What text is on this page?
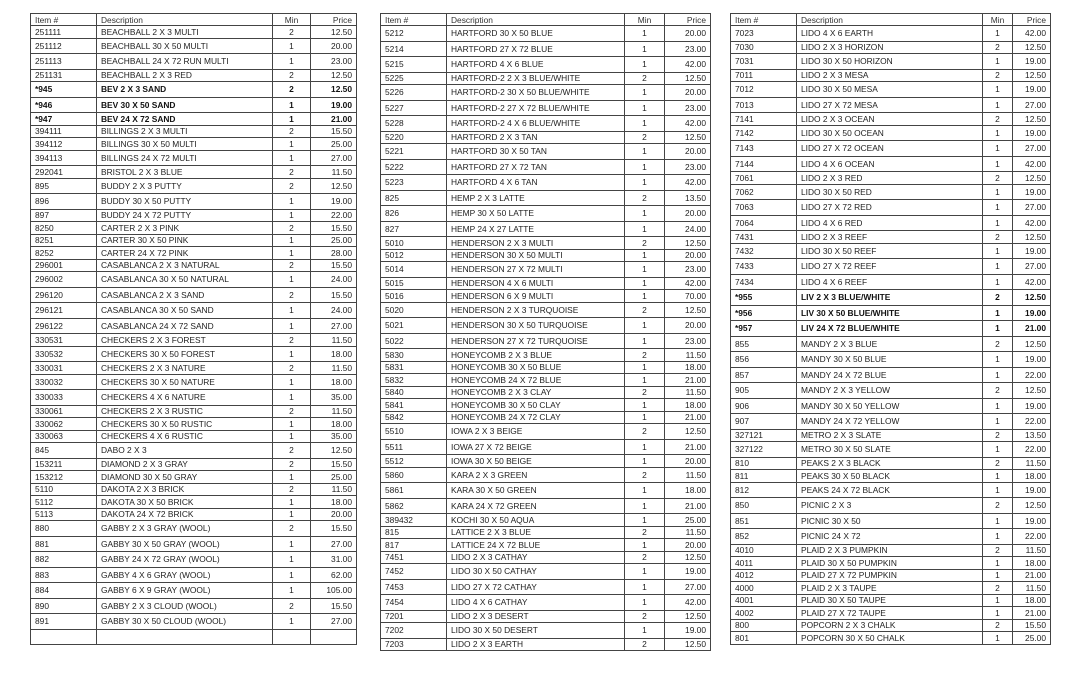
Item #	Description	Min	Price
251111	BEACHBALL 2 X 3 MULTI	2	12.50
251112	BEACHBALL 30 X 50 MULTI	1	20.00
251113	BEACHBALL 24 X 72 RUN MULTI	1	23.00
251131	BEACHBALL 2 X 3 RED	2	12.50
*945	BEV 2 X 3 SAND	2	12.50
*946	BEV 30 X 50 SAND	1	19.00
*947	BEV 24 X 72 SAND	1	21.00
394111	BILLINGS 2 X 3 MULTI	2	15.50
394112	BILLINGS 30 X 50 MULTI	1	25.00
394113	BILLINGS 24 X 72 MULTI	1	27.00
292041	BRISTOL 2 X 3 BLUE	2	11.50
895	BUDDY 2 X 3 PUTTY	2	12.50
896	BUDDY 30 X 50 PUTTY	1	19.00
897	BUDDY 24 X 72 PUTTY	1	22.00
8250	CARTER 2 X 3 PINK	2	15.50
8251	CARTER 30 X 50 PINK	1	25.00
8252	CARTER 24 X 72 PINK	1	28.00
296001	CASABLANCA 2 X 3 NATURAL	2	15.50
296002	CASABLANCA 30 X 50 NATURAL	1	24.00
296120	CASABLANCA 2 X 3 SAND	2	15.50
296121	CASABLANCA 30 X 50 SAND	1	24.00
296122	CASABLANCA 24 X 72 SAND	1	27.00
330531	CHECKERS 2 X 3 FOREST	2	11.50
330532	CHECKERS 30 X 50 FOREST	1	18.00
330031	CHECKERS 2 X 3 NATURE	2	11.50
330032	CHECKERS 30 X 50 NATURE	1	18.00
330033	CHECKERS 4 X 6 NATURE	1	35.00
330061	CHECKERS 2 X 3 RUSTIC	2	11.50
330062	CHECKERS 30 X 50 RUSTIC	1	18.00
330063	CHECKERS 4 X 6 RUSTIC	1	35.00
845	DABO 2 X 3	2	12.50
153211	DIAMOND 2 X 3 GRAY	2	15.50
153212	DIAMOND 30 X 50 GRAY	1	25.00
5110	DAKOTA 2 X 3 BRICK	2	11.50
5112	DAKOTA 30 X 50 BRICK	1	18.00
5113	DAKOTA 24 X 72 BRICK	1	20.00
880	GABBY 2 X 3 GRAY (WOOL)	2	15.50
881	GABBY 30 X 50 GRAY (WOOL)	1	27.00
882	GABBY 24 X 72 GRAY (WOOL)	1	31.00
883	GABBY 4 X 6 GRAY (WOOL)	1	62.00
884	GABBY 6 X 9 GRAY (WOOL)	1	105.00
890	GABBY 2 X 3 CLOUD (WOOL)	2	15.50
891	GABBY 30 X 50 CLOUD (WOOL)	1	27.00

Item #	Description	Min	Price
5212	HARTFORD 30 X 50 BLUE	1	20.00
5214	HARTFORD 27 X 72 BLUE	1	23.00
5215	HARTFORD 4 X 6 BLUE	1	42.00
5225	HARTFORD-2 2 X 3 BLUE/WHITE	2	12.50
5226	HARTFORD-2 30 X 50 BLUE/WHITE	1	20.00
5227	HARTFORD-2 27 X 72 BLUE/WHITE	1	23.00
5228	HARTFORD-2 4 X 6 BLUE/WHITE	1	42.00
5220	HARTFORD 2 X 3 TAN	2	12.50
5221	HARTFORD 30 X 50 TAN	1	20.00
5222	HARTFORD 27 X 72 TAN	1	23.00
5223	HARTFORD 4 X 6 TAN	1	42.00
825	HEMP 2 X 3 LATTE	2	13.50
826	HEMP 30 X 50 LATTE	1	20.00
827	HEMP 24 X 27 LATTE	1	24.00
5010	HENDERSON 2 X 3 MULTI	2	12.50
5012	HENDERSON 30 X 50 MULTI	1	20.00
5014	HENDERSON 27 X 72 MULTI	1	23.00
5015	HENDERSON 4 X 6 MULTI	1	42.00
5016	HENDERSON 6 X 9 MULTI	1	70.00
5020	HENDERSON 2 X 3 TURQUOISE	2	12.50
5021	HENDERSON 30 X 50 TURQUOISE	1	20.00
5022	HENDERSON 27 X 72 TURQUOISE	1	23.00
5830	HONEYCOMB 2 X 3 BLUE	2	11.50
5831	HONEYCOMB 30 X 50 BLUE	1	18.00
5832	HONEYCOMB 24 X 72 BLUE	1	21.00
5840	HONEYCOMB 2 X 3 CLAY	2	11.50
5841	HONEYCOMB 30 X 50 CLAY	1	18.00
5842	HONEYCOMB 24 X 72 CLAY	1	21.00
5510	IOWA 2 X 3 BEIGE	2	12.50
5511	IOWA 27 X 72 BEIGE	1	21.00
5512	IOWA 30 X 50 BEIGE	1	20.00
5860	KARA 2 X 3 GREEN	2	11.50
5861	KARA 30 X 50 GREEN	1	18.00
5862	KARA 24 X 72 GREEN	1	21.00
389432	KOCHI 30 X 50 AQUA	1	25.00
815	LATTICE 2 X 3 BLUE	2	11.50
817	LATTICE 24 X 72 BLUE	1	20.00
7451	LIDO 2 X 3 CATHAY	2	12.50
7452	LIDO 30 X 50 CATHAY	1	19.00
7453	LIDO 27 X 72 CATHAY	1	27.00
7454	LIDO 4 X 6 CATHAY	1	42.00
7201	LIDO 2 X 3 DESERT	2	12.50
7202	LIDO 30 X 50 DESERT	1	19.00
7203	LIDO 2 X 3 EARTH	2	12.50
Item #	Description	Min	Price
7023	LIDO 4 X 6 EARTH	1	42.00
7030	LIDO 2 X 3 HORIZON	2	12.50
7031	LIDO 30 X 50 HORIZON	1	19.00
7011	LIDO 2 X 3 MESA	2	12.50
7012	LIDO 30 X 50 MESA	1	19.00
7013	LIDO 27 X 72 MESA	1	27.00
7141	LIDO 2 X 3 OCEAN	2	12.50
7142	LIDO 30 X 50 OCEAN	1	19.00
7143	LIDO 27 X 72 OCEAN	1	27.00
7144	LIDO 4 X 6 OCEAN	1	42.00
7061	LIDO 2 X 3 RED	2	12.50
7062	LIDO 30 X 50 RED	1	19.00
7063	LIDO 27 X 72 RED	1	27.00
7064	LIDO 4 X 6 RED	1	42.00
7431	LIDO 2 X 3 REEF	2	12.50
7432	LIDO 30 X 50 REEF	1	19.00
7433	LIDO 27 X 72 REEF	1	27.00
7434	LIDO 4 X 6 REEF	1	42.00
*955	LIV 2 X 3 BLUE/WHITE	2	12.50
*956	LIV 30 X 50 BLUE/WHITE	1	19.00
*957	LIV 24 X 72 BLUE/WHITE	1	21.00
855	MANDY 2 X 3 BLUE	2	12.50
856	MANDY 30 X 50 BLUE	1	19.00
857	MANDY 24 X 72 BLUE	1	22.00
905	MANDY 2 X 3 YELLOW	2	12.50
906	MANDY 30 X 50 YELLOW	1	19.00
907	MANDY 24 X 72 YELLOW	1	22.00
327121	METRO 2 X 3 SLATE	2	13.50
327122	METRO 30 X 50 SLATE	1	22.00
810	PEAKS 2 X 3 BLACK	2	11.50
811	PEAKS 30 X 50 BLACK	1	18.00
812	PEAKS 24 X 72 BLACK	1	19.00
850	PICNIC 2 X 3	2	12.50
851	PICNIC 30 X 50	1	19.00
852	PICNIC 24 X 72	1	22.00
4010	PLAID 2 X 3 PUMPKIN	2	11.50
4011	PLAID 30 X 50 PUMPKIN	1	18.00
4012	PLAID 27 X 72 PUMPKIN	1	21.00
4000	PLAID 2 X 3 TAUPE	2	11.50
4001	PLAID 30 X 50 TAUPE	1	18.00
4002	PLAID 27 X 72 TAUPE	1	21.00
800	POPCORN 2 X 3 CHALK	2	15.50
801	POPCORN 30 X 50 CHALK	1	25.00
